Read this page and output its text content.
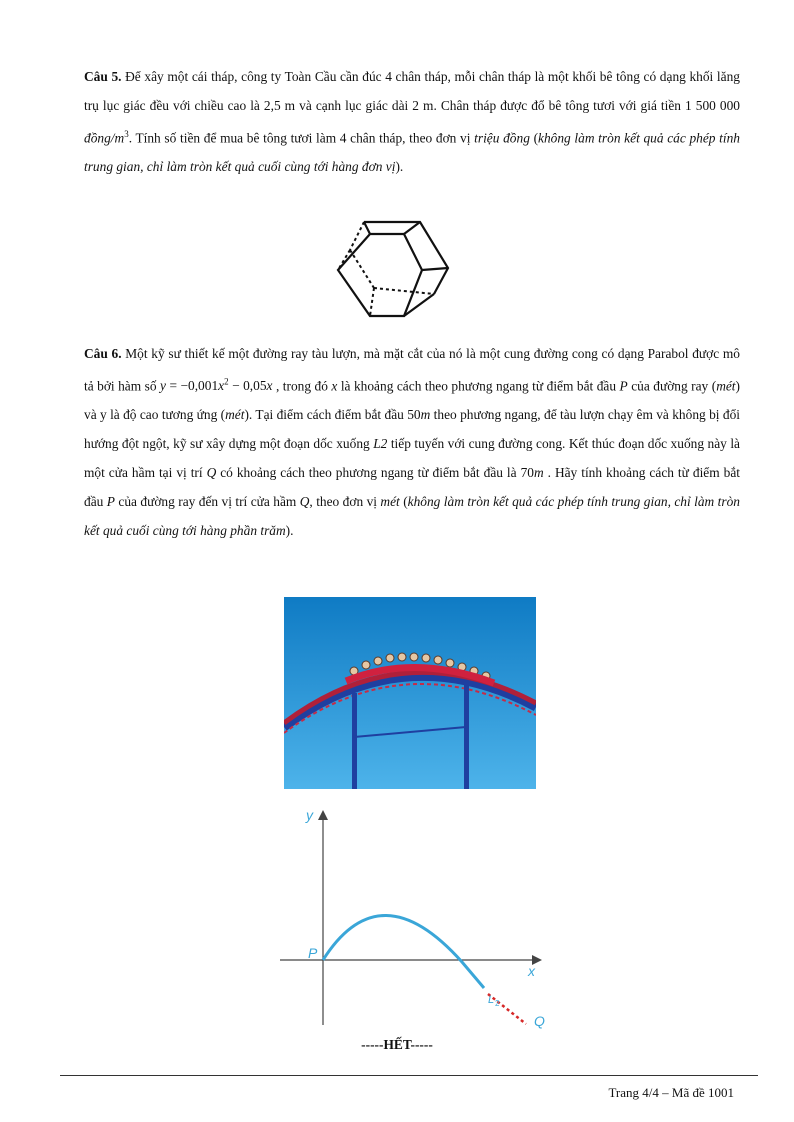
Câu 5. Để xây một cái tháp, công ty Toàn Cầu cần đúc 4 chân tháp, mỗi chân tháp là một khối bê tông có dạng khối lăng trụ lục giác đều với chiều cao là 2,5 m và cạnh lục giác dài 2 m. Chân tháp được đổ bê tông tươi với giá tiền 1 500 000 đồng/$m^3$. Tính số tiền để mua bê tông tươi làm 4 chân tháp, theo đơn vị triệu đồng (không làm tròn kết quả các phép tính trung gian, chỉ làm tròn kết quả cuối cùng tới hàng đơn vị).
Câu 6. Một kỹ sư thiết kế một đường ray tàu lượn, mà mặt cắt của nó là một cung đường cong có dạng Parabol được mô tả bởi hàm số $y = -0,001x^2 - 0,05x$ , trong đó x là khoảng cách theo phương ngang từ điểm bắt đầu P của đường ray (mét) và y là độ cao tương ứng (mét). Tại điểm cách điểm bắt đầu 50m theo phương ngang, để tàu lượn chạy êm và không bị đổi hướng đột ngột, kỹ sư xây dựng một đoạn dốc xuống L2 tiếp tuyến với cung đường cong. Kết thúc đoạn dốc xuống này là một cửa hầm tại vị trí Q có khoảng cách theo phương ngang từ điểm bắt đầu là 70m . Hãy tính khoảng cách từ điểm bắt đầu P của đường ray đến vị trí cửa hầm Q, theo đơn vị mét (không làm tròn kết quả các phép tính trung gian, chỉ làm tròn kết quả cuối cùng tới hàng phần trăm).
y
x
P
L 2
Q
-----HẾT-----
Trang 4/4 – Mã đề 1001
